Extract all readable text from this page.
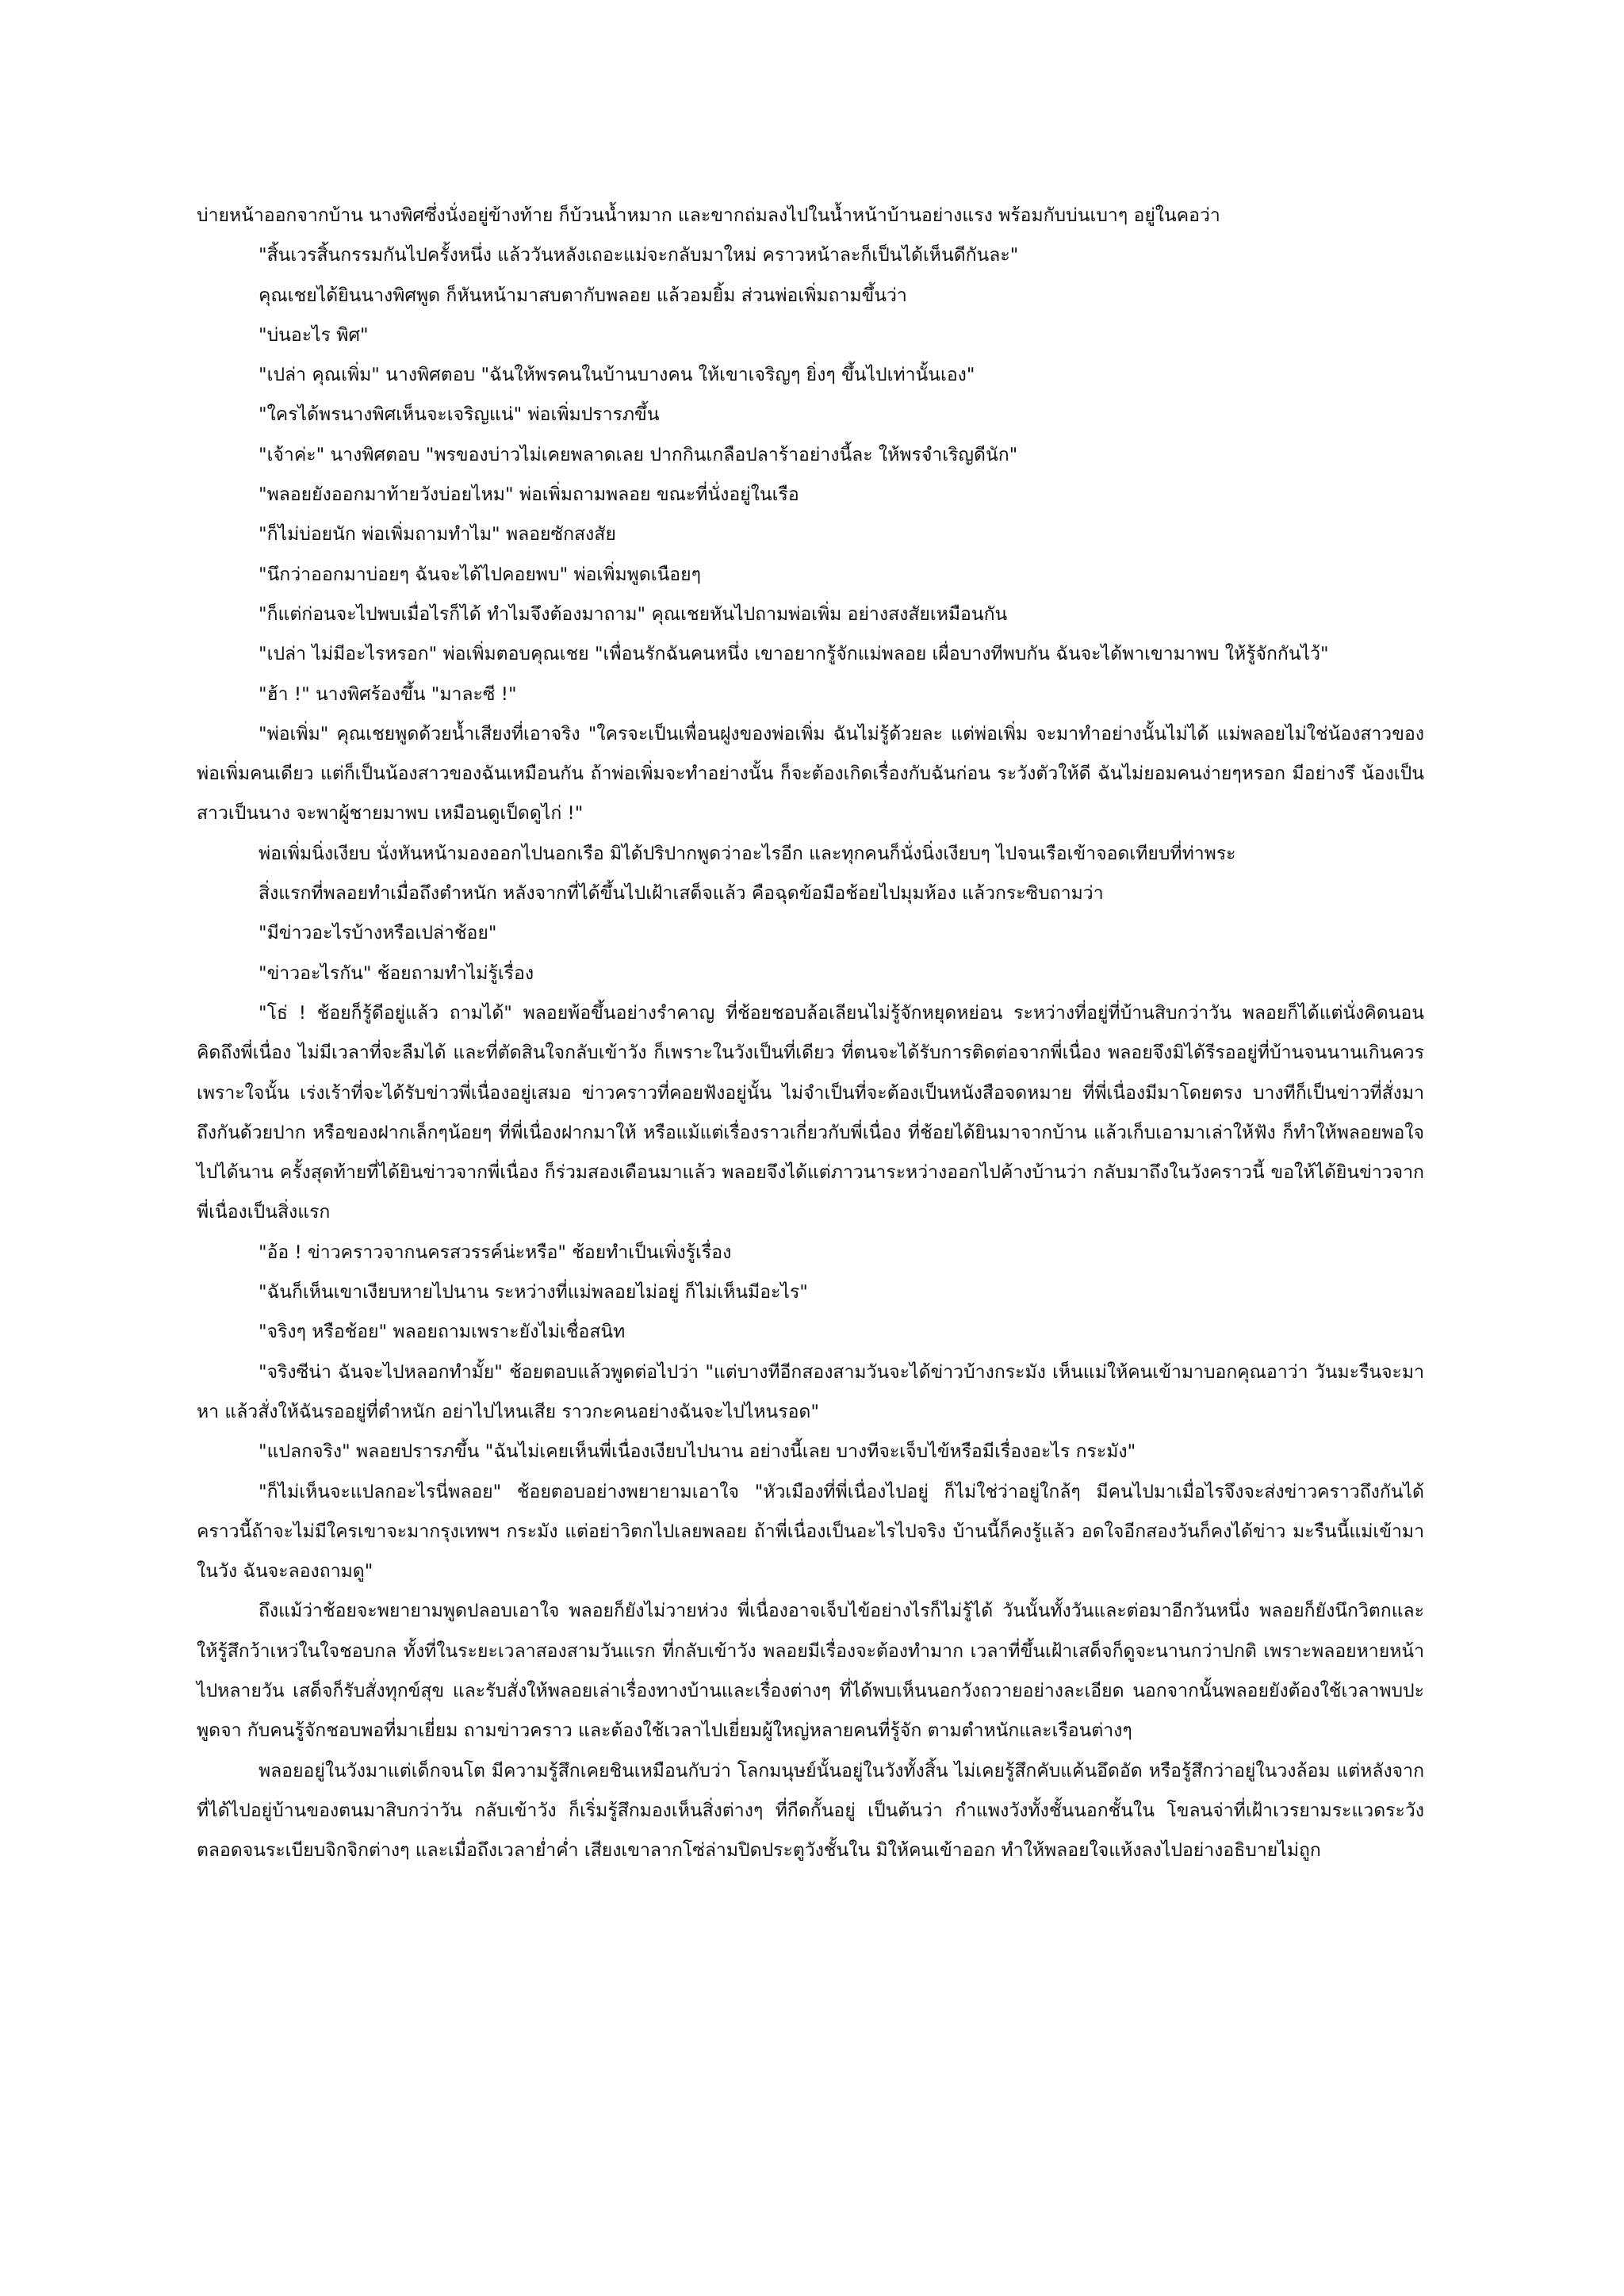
บ่ายหน้าออกจากบ้าน นางพิศซึ่งนั่งอยู่ข้างท้าย ก็บ้วนน้ำหมาก และขากถ่มลงไปในน้ำหน้าบ้านอย่างแรง พร้อมกับบ่นเบาๆ อยู่ในคอว่า

"สิ้นเวรสิ้นกรรมกันไปครั้งหนึ่ง แล้ววันหลังเถอะแม่จะกลับมาใหม่ คราวหน้าละก็เป็นได้เห็นดีกันละ"

คุณเชยได้ยินนางพิศพูด ก็หันหน้ามาสบตากับพลอย แล้วอมยิ้ม ส่วนพ่อเพิ่มถามขึ้นว่า

"บ่นอะไร พิศ"

"เปล่า คุณเพิ่ม" นางพิศตอบ "ฉันให้พรคนในบ้านบางคน ให้เขาเจริญๆ ยิ่งๆ ขึ้นไปเท่านั้นเอง"

"ใครได้พรนางพิศเห็นจะเจริญแน่" พ่อเพิ่มปรารภขึ้น

"เจ้าค่ะ" นางพิศตอบ "พรของบ่าวไม่เคยพลาดเลย ปากกินเกลือปลาร้าอย่างนี้ละ ให้พรจำเริญดีนัก"

"พลอยยังออกมาท้ายวังบ่อยไหม" พ่อเพิ่มถามพลอย ขณะที่นั่งอยู่ในเรือ

"ก็ไม่บ่อยนัก พ่อเพิ่มถามทำไม" พลอยซักสงสัย

"นึกว่าออกมาบ่อยๆ ฉันจะได้ไปคอยพบ" พ่อเพิ่มพูดเนือยๆ

"ก็แต่ก่อนจะไปพบเมื่อไรก็ได้ ทำไมจึงต้องมาถาม" คุณเชยหันไปถามพ่อเพิ่ม อย่างสงสัยเหมือนกัน

"เปล่า ไม่มีอะไรหรอก" พ่อเพิ่มตอบคุณเชย "เพื่อนรักฉันคนหนึ่ง เขาอยากรู้จักแม่พลอย เผื่อบางทีพบกัน ฉันจะได้พาเขามาพบ ให้รู้จักกันไว้"

"ฮ้า !" นางพิศร้องขึ้น "มาละซี !"

"พ่อเพิ่ม" คุณเชยพูดด้วยน้ำเสียงที่เอาจริง "ใครจะเป็นเพื่อนฝูงของพ่อเพิ่ม ฉันไม่รู้ด้วยละ แต่พ่อเพิ่ม จะมาทำอย่างนั้นไม่ได้ แม่พลอยไม่ใช่น้องสาวของพ่อเพิ่มคนเดียว แต่ก็เป็นน้องสาวของฉันเหมือนกัน ถ้าพ่อเพิ่มจะทำอย่างนั้น ก็จะต้องเกิดเรื่องกับฉันก่อน ระวังตัวให้ดี ฉันไม่ยอมคนง่ายๆหรอก มีอย่างรึ น้องเป็นสาวเป็นนาง จะพาผู้ชายมาพบ เหมือนดูเป็ดดูไก่ !"

พ่อเพิ่มนิ่งเงียบ นั่งหันหน้ามองออกไปนอกเรือ มิได้ปริปากพูดว่าอะไรอีก และทุกคนก็นั่งนิ่งเงียบๆ ไปจนเรือเข้าจอดเทียบที่ท่าพระ

สิ่งแรกที่พลอยทำเมื่อถึงตำหนัก หลังจากที่ได้ขึ้นไปเฝ้าเสด็จแล้ว คือฉุดข้อมือช้อยไปมุมห้อง แล้วกระซิบถามว่า

"มีข่าวอะไรบ้างหรือเปล่าช้อย"

"ข่าวอะไรกัน" ช้อยถามทำไม่รู้เรื่อง

"โธ่ ! ช้อยก็รู้ดีอยู่แล้ว ถามได้" พลอยพ้อขึ้นอย่างรำคาญ ที่ช้อยชอบล้อเลียนไม่รู้จักหยุดหย่อน ระหว่างที่อยู่ที่บ้านสิบกว่าวัน พลอยก็ได้แต่นั่งคิดนอนคิดถึงพี่เนื่อง ไม่มีเวลาที่จะลืมได้ และที่ตัดสินใจกลับเข้าวัง ก็เพราะในวังเป็นที่เดียว ที่ตนจะได้รับการติดต่อจากพี่เนื่อง พลอยจึงมิได้รีรออยู่ที่บ้านจนนานเกินควร เพราะใจนั้น เร่งเร้าที่จะได้รับข่าวพี่เนื่องอยู่เสมอ ข่าวคราวที่คอยฟังอยู่นั้น ไม่จำเป็นที่จะต้องเป็นหนังสือจดหมาย ที่พี่เนื่องมีมาโดยตรง บางทีก็เป็นข่าวที่สั่งมาถึงกันด้วยปาก หรือของฝากเล็กๆน้อยๆ ที่พี่เนื่องฝากมาให้ หรือแม้แต่เรื่องราวเกี่ยวกับพี่เนื่อง ที่ช้อยได้ยินมาจากบ้าน แล้วเก็บเอามาเล่าให้ฟัง ก็ทำให้พลอยพอใจไปได้นาน ครั้งสุดท้ายที่ได้ยินข่าวจากพี่เนื่อง ก็ร่วมสองเดือนมาแล้ว พลอยจึงได้แต่ภาวนาระหว่างออกไปค้างบ้านว่า กลับมาถึงในวังคราวนี้ ขอให้ได้ยินข่าวจากพี่เนื่องเป็นสิ่งแรก

"อ้อ ! ข่าวคราวจากนครสวรรค์น่ะหรือ" ช้อยทำเป็นเพิ่งรู้เรื่อง

"ฉันก็เห็นเขาเงียบหายไปนาน ระหว่างที่แม่พลอยไม่อยู่ ก็ไม่เห็นมีอะไร"

"จริงๆ หรือช้อย" พลอยถามเพราะยังไม่เชื่อสนิท

"จริงซีน่า ฉันจะไปหลอกทำมั้ย" ช้อยตอบแล้วพูดต่อไปว่า "แต่บางทีอีกสองสามวันจะได้ข่าวบ้างกระมัง เห็นแม่ให้คนเข้ามาบอกคุณอาว่า วันมะรืนจะมาหา แล้วสั่งให้ฉันรออยู่ที่ตำหนัก อย่าไปไหนเสีย ราวกะคนอย่างฉันจะไปไหนรอด"

"แปลกจริง" พลอยปรารภขึ้น "ฉันไม่เคยเห็นพี่เนื่องเงียบไปนาน อย่างนี้เลย บางทีจะเจ็บไข้หรือมีเรื่องอะไร กระมัง"

"ก็ไม่เห็นจะแปลกอะไรนี่พลอย" ช้อยตอบอย่างพยายามเอาใจ "หัวเมืองที่พี่เนื่องไปอยู่ ก็ไม่ใช่ว่าอยู่ใกล้ๆ มีคนไปมาเมื่อไรจึงจะส่งข่าวคราวถึงกันได้ คราวนี้ถ้าจะไม่มีใครเขาจะมากรุงเทพฯ กระมัง แต่อย่าวิตกไปเลยพลอย ถ้าพี่เนื่องเป็นอะไรไปจริง บ้านนี้ก็คงรู้แล้ว อดใจอีกสองวันก็คงได้ข่าว มะรืนนี้แม่เข้ามาในวัง ฉันจะลองถามดู"

ถึงแม้ว่าช้อยจะพยายามพูดปลอบเอาใจ พลอยก็ยังไม่วายห่วง พี่เนื่องอาจเจ็บไข้อย่างไรก็ไม่รู้ได้ วันนั้นทั้งวันและต่อมาอีกวันหนึ่ง พลอยก็ยังนึกวิตกและให้รู้สึกว้าเหว่ในใจชอบกล ทั้งที่ในระยะเวลาสองสามวันแรก ที่กลับเข้าวัง พลอยมีเรื่องจะต้องทำมาก เวลาที่ขึ้นเฝ้าเสด็จก็ดูจะนานกว่าปกติ เพราะพลอยหายหน้าไปหลายวัน เสด็จก็รับสั่งทุกข์สุข และรับสั่งให้พลอยเล่าเรื่องทางบ้านและเรื่องต่างๆ ที่ได้พบเห็นนอกวังถวายอย่างละเอียด นอกจากนั้นพลอยยังต้องใช้เวลาพบปะพูดจา กับคนรู้จักชอบพอที่มาเยี่ยม ถามข่าวคราว และต้องใช้เวลาไปเยี่ยมผู้ใหญ่หลายคนที่รู้จัก ตามตำหนักและเรือนต่างๆ

พลอยอยู่ในวังมาแต่เด็กจนโต มีความรู้สึกเคยชินเหมือนกับว่า โลกมนุษย์นั้นอยู่ในวังทั้งสิ้น ไม่เคยรู้สึกคับแค้นอึดอัด หรือรู้สึกว่าอยู่ในวงล้อม แต่หลังจากที่ได้ไปอยู่บ้านของตนมาสิบกว่าวัน กลับเข้าวัง ก็เริ่มรู้สึกมองเห็นสิ่งต่างๆ ที่กีดกั้นอยู่ เป็นต้นว่า กำแพงวังทั้งชั้นนอกชั้นใน โขลนจ่าที่เฝ้าเวรยามระแวดระวัง ตลอดจนระเบียบจิกจิกต่างๆ และเมื่อถึงเวลาย่ำค่ำ เสียงเขาลากโซ่ล่ามปิดประตูวังชั้นใน มิให้คนเข้าออก ทำให้พลอยใจแห้งลงไปอย่างอธิบายไม่ถูก
